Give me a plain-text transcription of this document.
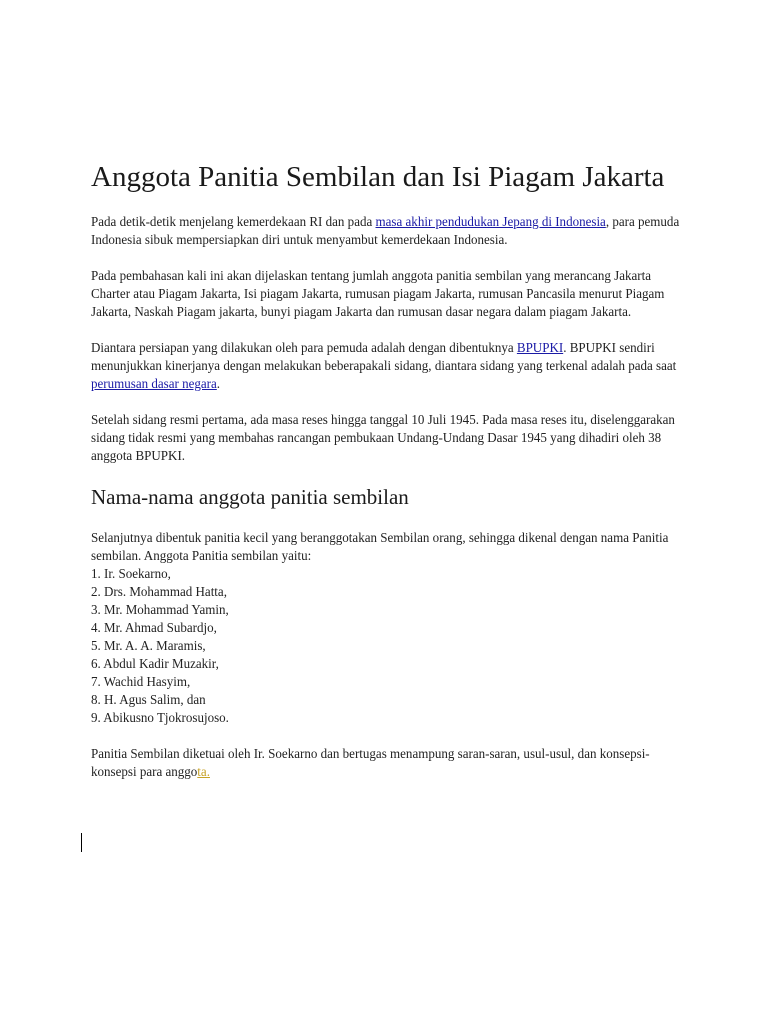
Anggota Panitia Sembilan dan Isi Piagam Jakarta

Pada detik-detik menjelang kemerdekaan RI dan pada masa akhir pendudukan Jepang di Indonesia, para pemuda Indonesia sibuk mempersiapkan diri untuk menyambut kemerdekaan Indonesia.

Pada pembahasan kali ini akan dijelaskan tentang jumlah anggota panitia sembilan yang merancang Jakarta Charter atau Piagam Jakarta, Isi piagam Jakarta, rumusan piagam Jakarta, rumusan Pancasila menurut Piagam Jakarta, Naskah Piagam jakarta, bunyi piagam Jakarta dan rumusan dasar negara dalam piagam Jakarta.

Diantara persiapan yang dilakukan oleh para pemuda adalah dengan dibentuknya BPUPKI. BPUPKI sendiri menunjukkan kinerjanya dengan melakukan beberapakali sidang, diantara sidang yang terkenal adalah pada saat perumusan dasar negara.

Setelah sidang resmi pertama, ada masa reses hingga tanggal 10 Juli 1945. Pada masa reses itu, diselenggarakan sidang tidak resmi yang membahas rancangan pembukaan Undang-Undang Dasar 1945 yang dihadiri oleh 38 anggota BPUPKI.

Nama-nama anggota panitia sembilan

Selanjutnya dibentuk panitia kecil yang beranggotakan Sembilan orang, sehingga dikenal dengan nama Panitia sembilan. Anggota Panitia sembilan yaitu:
1. Ir. Soekarno,
2. Drs. Mohammad Hatta,
3. Mr. Mohammad Yamin,
4. Mr. Ahmad Subardjo,
5. Mr. A. A. Maramis,
6. Abdul Kadir Muzakir,
7. Wachid Hasyim,
8. H. Agus Salim, dan
9. Abikusno Tjokrosujoso.

Panitia Sembilan diketuai oleh Ir. Soekarno dan bertugas menampung saran-saran, usul-usul, dan konsepsi-konsepsi para anggota.
